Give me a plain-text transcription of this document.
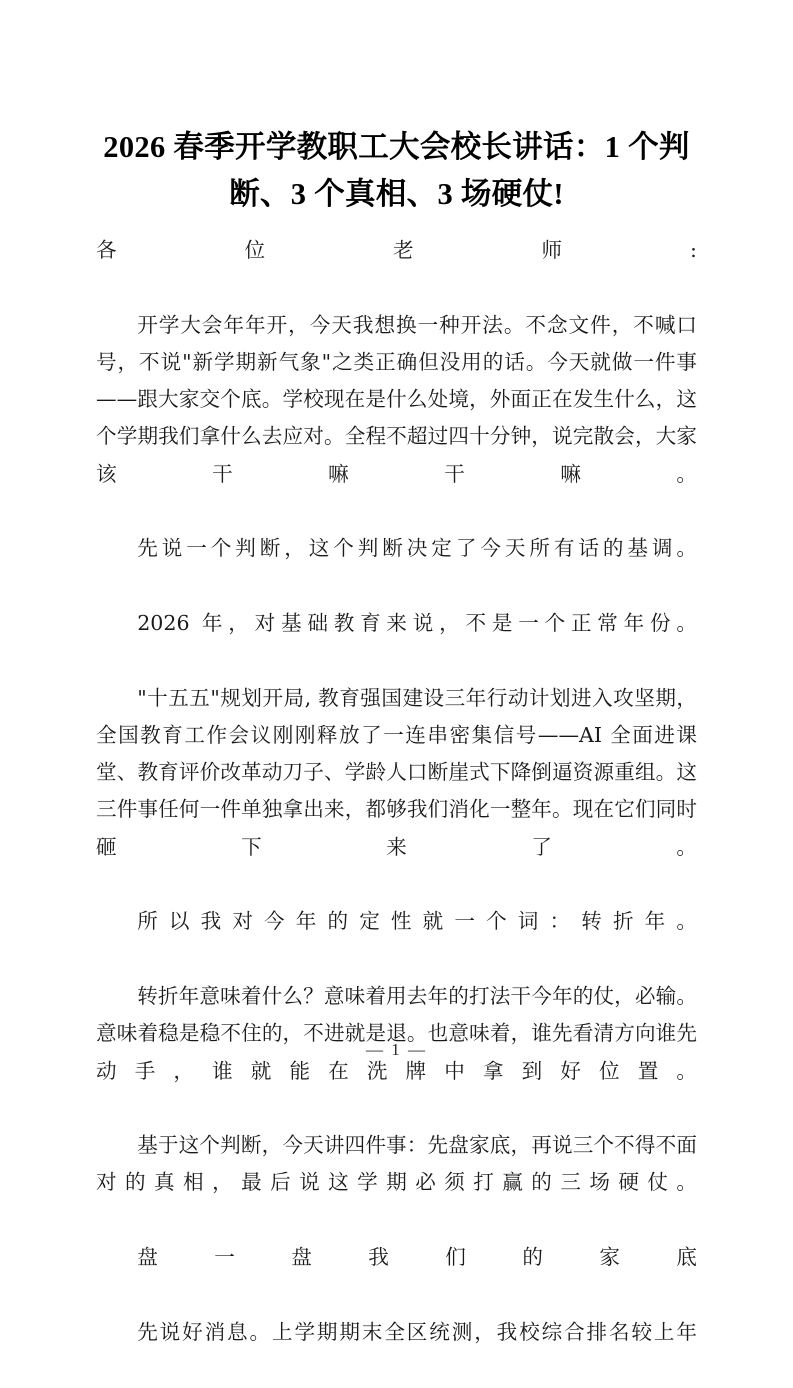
2026 春季开学教职工大会校长讲话：1 个判断、3 个真相、3 场硬仗!

各位老师:

开学大会年年开，今天我想换一种开法。不念文件，不喊口号，不说"新学期新气象"之类正确但没用的话。今天就做一件事——跟大家交个底。学校现在是什么处境，外面正在发生什么，这个学期我们拿什么去应对。全程不超过四十分钟，说完散会，大家该干嘛干嘛。

先说一个判断，这个判断决定了今天所有话的基调。

2026 年，对基础教育来说，不是一个正常年份。

"十五五"规划开局, 教育强国建设三年行动计划进入攻坚期，全国教育工作会议刚刚释放了一连串密集信号——AI 全面进课堂、教育评价改革动刀子、学龄人口断崖式下降倒逼资源重组。这三件事任何一件单独拿出来，都够我们消化一整年。现在它们同时砸下来了。

所以我对今年的定性就一个词：转折年。

转折年意味着什么？意味着用去年的打法干今年的仗，必输。意味着稳是稳不住的，不进就是退。也意味着，谁先看清方向谁先动手，谁就能在洗牌中拿到好位置。

基于这个判断，今天讲四件事：先盘家底，再说三个不得不面对的真相，最后说这学期必须打赢的三场硬仗。

盘一盘我们的家底

先说好消息。上学期期末全区统测，我校综合排名较上年

— 1 —
